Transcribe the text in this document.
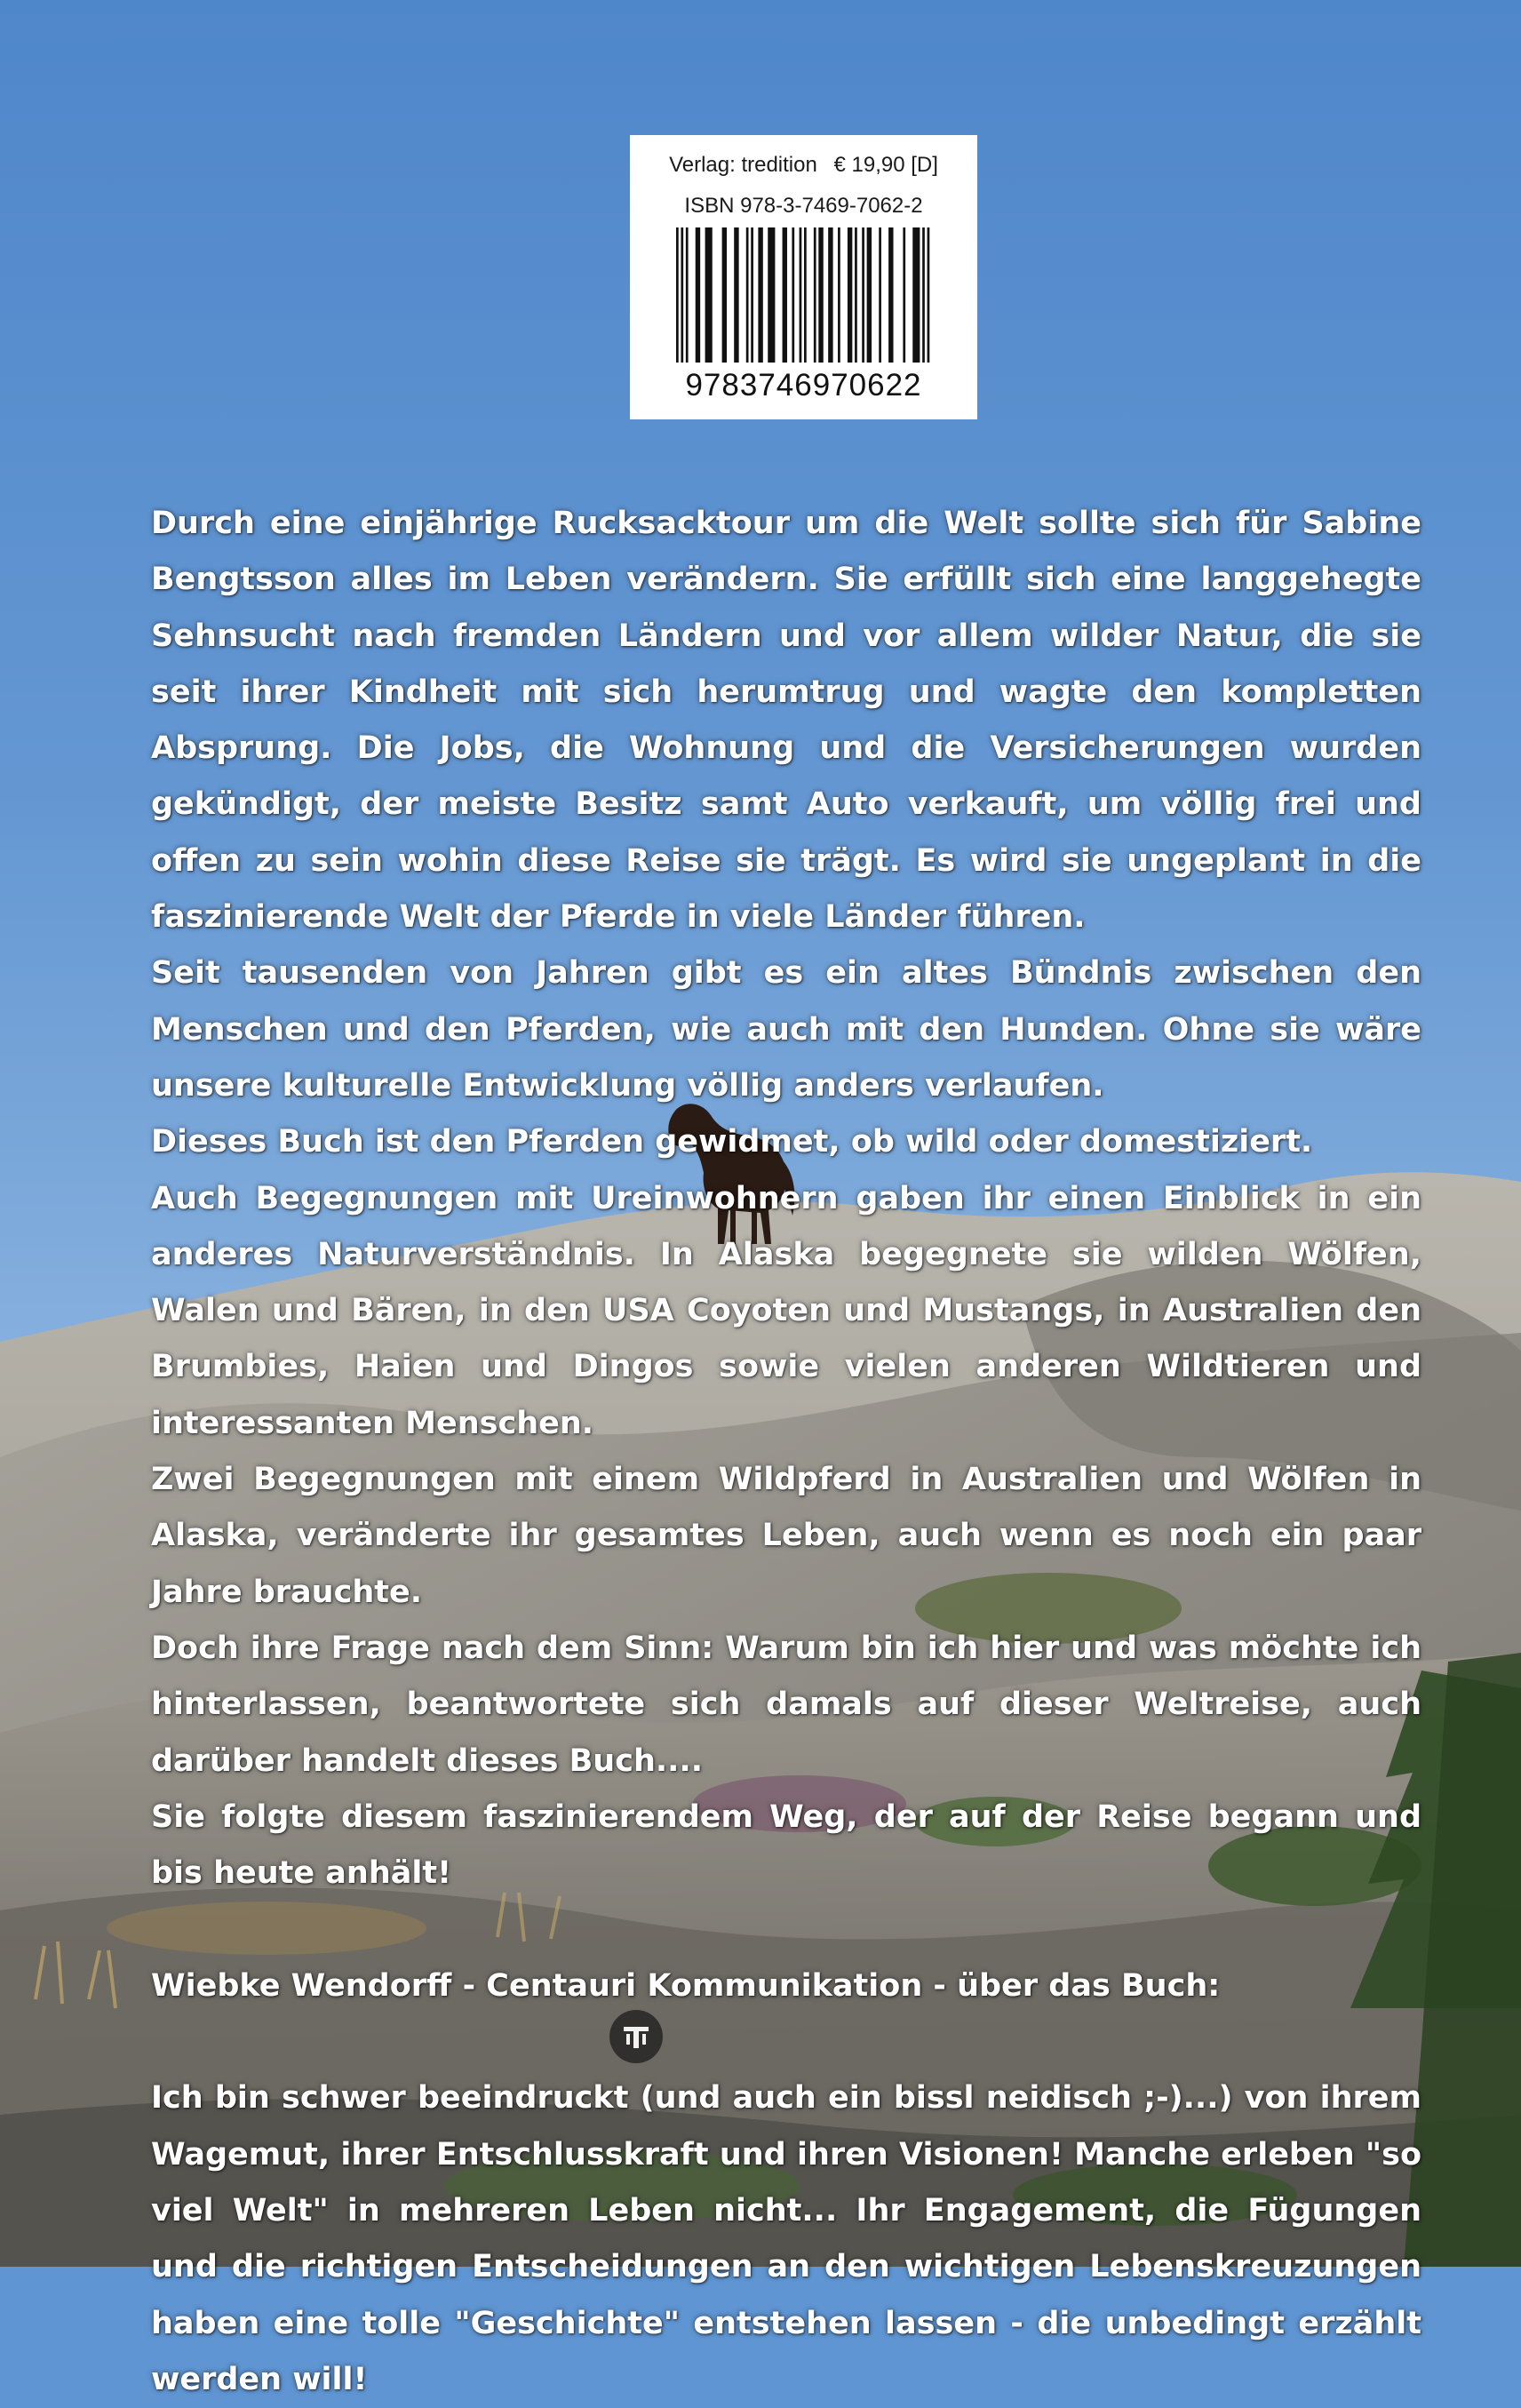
Verlag: tredition € 19,90 [D]
ISBN 978-3-7469-7062-2
9783746970622

Durch eine einjährige Rucksacktour um die Welt sollte sich für Sabine Bengtsson alles im Leben verändern. Sie erfüllt sich eine langgehegte Sehnsucht nach fremden Ländern und vor allem wilder Natur, die sie seit ihrer Kindheit mit sich herumtrug und wagte den kompletten Absprung. Die Jobs, die Wohnung und die Versicherungen wurden gekündigt, der meiste Besitz samt Auto verkauft, um völlig frei und offen zu sein wohin diese Reise sie trägt. Es wird sie ungeplant in die faszinierende Welt der Pferde in viele Länder führen.

Seit tausenden von Jahren gibt es ein altes Bündnis zwischen den Menschen und den Pferden, wie auch mit den Hunden. Ohne sie wäre unsere kulturelle Entwicklung völlig anders verlaufen.

Dieses Buch ist den Pferden gewidmet, ob wild oder domestiziert.

Auch Begegnungen mit Ureinwohnern gaben ihr einen Einblick in ein anderes Naturverständnis. In Alaska begegnete sie wilden Wölfen, Walen und Bären, in den USA Coyoten und Mustangs, in Australien den Brumbies, Haien und Dingos sowie vielen anderen Wildtieren und interessanten Menschen.

Zwei Begegnungen mit einem Wildpferd in Australien und Wölfen in Alaska, veränderte ihr gesamtes Leben, auch wenn es noch ein paar Jahre brauchte.

Doch ihre Frage nach dem Sinn: Warum bin ich hier und was möchte ich hinterlassen, beantwortete sich damals auf dieser Weltreise, auch darüber handelt dieses Buch....

Sie folgte diesem faszinierendem Weg, der auf der Reise begann und bis heute anhält!

Wiebke Wendorff - Centauri Kommunikation - über das Buch:

Ich bin schwer beeindruckt (und auch ein bissl neidisch ;-)...) von ihrem Wagemut, ihrer Entschlusskraft und ihren Visionen! Manche erleben "so viel Welt" in mehreren Leben nicht... Ihr Engagement, die Fügungen und die richtigen Entscheidungen an den wichtigen Lebenskreuzungen haben eine tolle "Geschichte" entstehen lassen - die unbedingt erzählt werden will!
